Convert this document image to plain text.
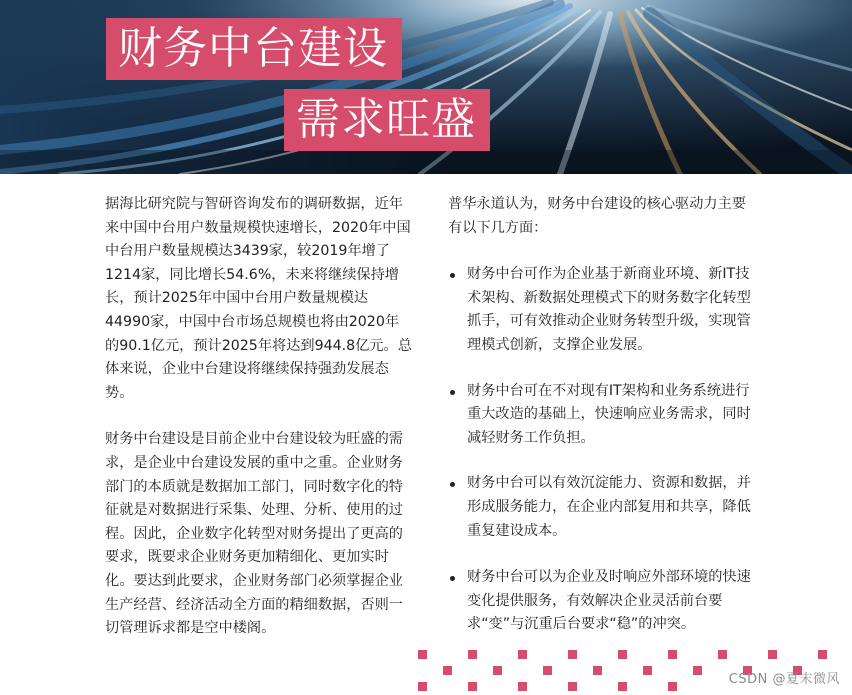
财务中台建设
需求旺盛

据海比研究院与智研咨询发布的调研数据，近年来中国中台用户数量规模快速增长，2020年中国中台用户数量规模达3439家，较2019年增了1214家，同比增长54.6%，未来将继续保持增长，预计2025年中国中台用户数量规模达44990家，中国中台市场总规模也将由2020年的90.1亿元，预计2025年将达到944.8亿元。总体来说，企业中台建设将继续保持强劲发展态势。

财务中台建设是目前企业中台建设较为旺盛的需求，是企业中台建设发展的重中之重。企业财务部门的本质就是数据加工部门，同时数字化的特征就是对数据进行采集、处理、分析、使用的过程。因此，企业数字化转型对财务提出了更高的要求，既要求企业财务更加精细化、更加实时化。要达到此要求，企业财务部门必须掌握企业生产经营、经济活动全方面的精细数据，否则一切管理诉求都是空中楼阁。

普华永道认为，财务中台建设的核心驱动力主要有以下几方面：

财务中台可作为企业基于新商业环境、新IT技术架构、新数据处理模式下的财务数字化转型抓手，可有效推动企业财务转型升级，实现管理模式创新，支撑企业发展。
财务中台可在不对现有IT架构和业务系统进行重大改造的基础上，快速响应业务需求，同时减轻财务工作负担。
财务中台可以有效沉淀能力、资源和数据，并形成服务能力，在企业内部复用和共享，降低重复建设成本。
财务中台可以为企业及时响应外部环境的快速变化提供服务，有效解决企业灵活前台要求“变”与沉重后台要求“稳”的冲突。
CSDN @夏末微风
